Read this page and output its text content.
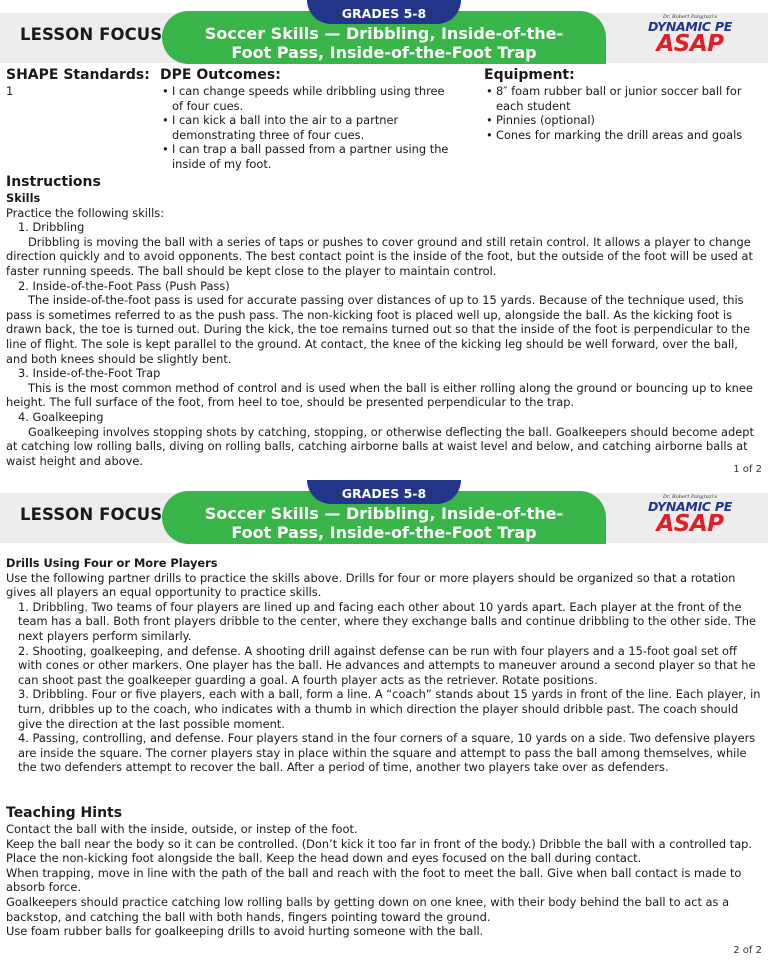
LESSON FOCUS
GRADES 5-8
Soccer Skills — Dribbling, Inside-of-the-
Foot Pass, Inside-of-the-Foot Trap
Dr. Robert Pangrazi's
DYNAMIC PE
ASAP
SHAPE Standards:
1
DPE Outcomes:
• I can change speeds while dribbling using three of four cues.
• I can kick a ball into the air to a partner demonstrating three of four cues.
• I can trap a ball passed from a partner using the inside of my foot.
Equipment:
• 8″ foam rubber ball or junior soccer ball for each student
• Pinnies (optional)
• Cones for marking the drill areas and goals

Instructions

Skills

Practice the following skills:

1. Dribbling

Dribbling is moving the ball with a series of taps or pushes to cover ground and still retain control. It allows a player to change direction quickly and to avoid opponents. The best contact point is the inside of the foot, but the outside of the foot will be used at faster running speeds. The ball should be kept close to the player to maintain control.

2. Inside-of-the-Foot Pass (Push Pass)

The inside-of-the-foot pass is used for accurate passing over distances of up to 15 yards. Because of the technique used, this pass is sometimes referred to as the push pass. The non-kicking foot is placed well up, alongside the ball. As the kicking foot is drawn back, the toe is turned out. During the kick, the toe remains turned out so that the inside of the foot is perpendicular to the line of flight. The sole is kept parallel to the ground. At contact, the knee of the kicking leg should be well forward, over the ball, and both knees should be slightly bent.

3. Inside-of-the-Foot Trap

This is the most common method of control and is used when the ball is either rolling along the ground or bouncing up to knee height. The full surface of the foot, from heel to toe, should be presented perpendicular to the trap.

4. Goalkeeping

Goalkeeping involves stopping shots by catching, stopping, or otherwise deflecting the ball. Goalkeepers should become adept at catching low rolling balls, diving on rolling balls, catching airborne balls at waist level and below, and catching airborne balls at waist height and above.

1 of 2
LESSON FOCUS
GRADES 5-8
Soccer Skills — Dribbling, Inside-of-the-
Foot Pass, Inside-of-the-Foot Trap
Dr. Robert Pangrazi's
DYNAMIC PE
ASAP

Drills Using Four or More Players

Use the following partner drills to practice the skills above. Drills for four or more players should be organized so that a rotation gives all players an equal opportunity to practice skills.

1. Dribbling. Two teams of four players are lined up and facing each other about 10 yards apart. Each player at the front of the team has a ball. Both front players dribble to the center, where they exchange balls and continue dribbling to the other side. The next players perform similarly.

2. Shooting, goalkeeping, and defense. A shooting drill against defense can be run with four players and a 15-foot goal set off with cones or other markers. One player has the ball. He advances and attempts to maneuver around a second player so that he can shoot past the goalkeeper guarding a goal. A fourth player acts as the retriever. Rotate positions.

3. Dribbling. Four or five players, each with a ball, form a line. A “coach” stands about 15 yards in front of the line. Each player, in turn, dribbles up to the coach, who indicates with a thumb in which direction the player should dribble past. The coach should give the direction at the last possible moment.

4. Passing, controlling, and defense. Four players stand in the four corners of a square, 10 yards on a side. Two defensive players are inside the square. The corner players stay in place within the square and attempt to pass the ball among themselves, while the two defenders attempt to recover the ball. After a period of time, another two players take over as defenders.

Teaching Hints

Contact the ball with the inside, outside, or instep of the foot.

Keep the ball near the body so it can be controlled. (Don’t kick it too far in front of the body.) Dribble the ball with a controlled tap.

Place the non-kicking foot alongside the ball. Keep the head down and eyes focused on the ball during contact.

When trapping, move in line with the path of the ball and reach with the foot to meet the ball. Give when ball contact is made to absorb force.

Goalkeepers should practice catching low rolling balls by getting down on one knee, with their body behind the ball to act as a backstop, and catching the ball with both hands, fingers pointing toward the ground.

Use foam rubber balls for goalkeeping drills to avoid hurting someone with the ball.

2 of 2
